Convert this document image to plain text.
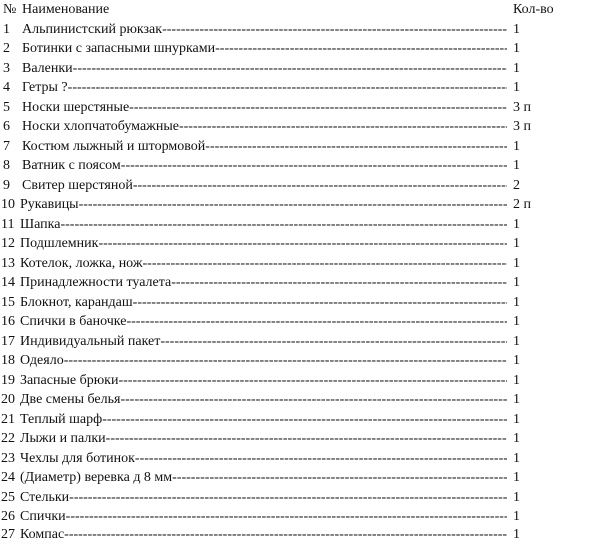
№ Наименование	Кол-во
1 Альпинистский рюкзак -----	1
2 Ботинки с запасными шнурками -----	1
3 Валенки -----	1
4 Гетры ? -----	1
5 Носки шерстяные -----	3 п
6 Носки хлопчатобумажные -----	3 п
7 Костюм лыжный и штормовой -----	1
8 Ватник с поясом -----	1
9 Свитер шерстяной -----	2
10 Рукавицы -----	2 п
11 Шапка -----	1
12 Подшлемник -----	1
13 Котелок, ложка, нож -----	1
14 Принадлежности туалета -----	1
15 Блокнот, карандаш -----	1
16 Спички в баночке -----	1
17 Индивидуальный пакет -----	1
18 Одеяло -----	1
19 Запасные брюки -----	1
20 Две смены белья -----	1
21 Теплый шарф -----	1
22 Лыжи и палки -----	1
23 Чехлы для ботинок -----	1
24 (Диаметр) веревка д 8 мм -----	1
25 Стельки -----	1
26 Спички -----	1
27 Компас -----	1
